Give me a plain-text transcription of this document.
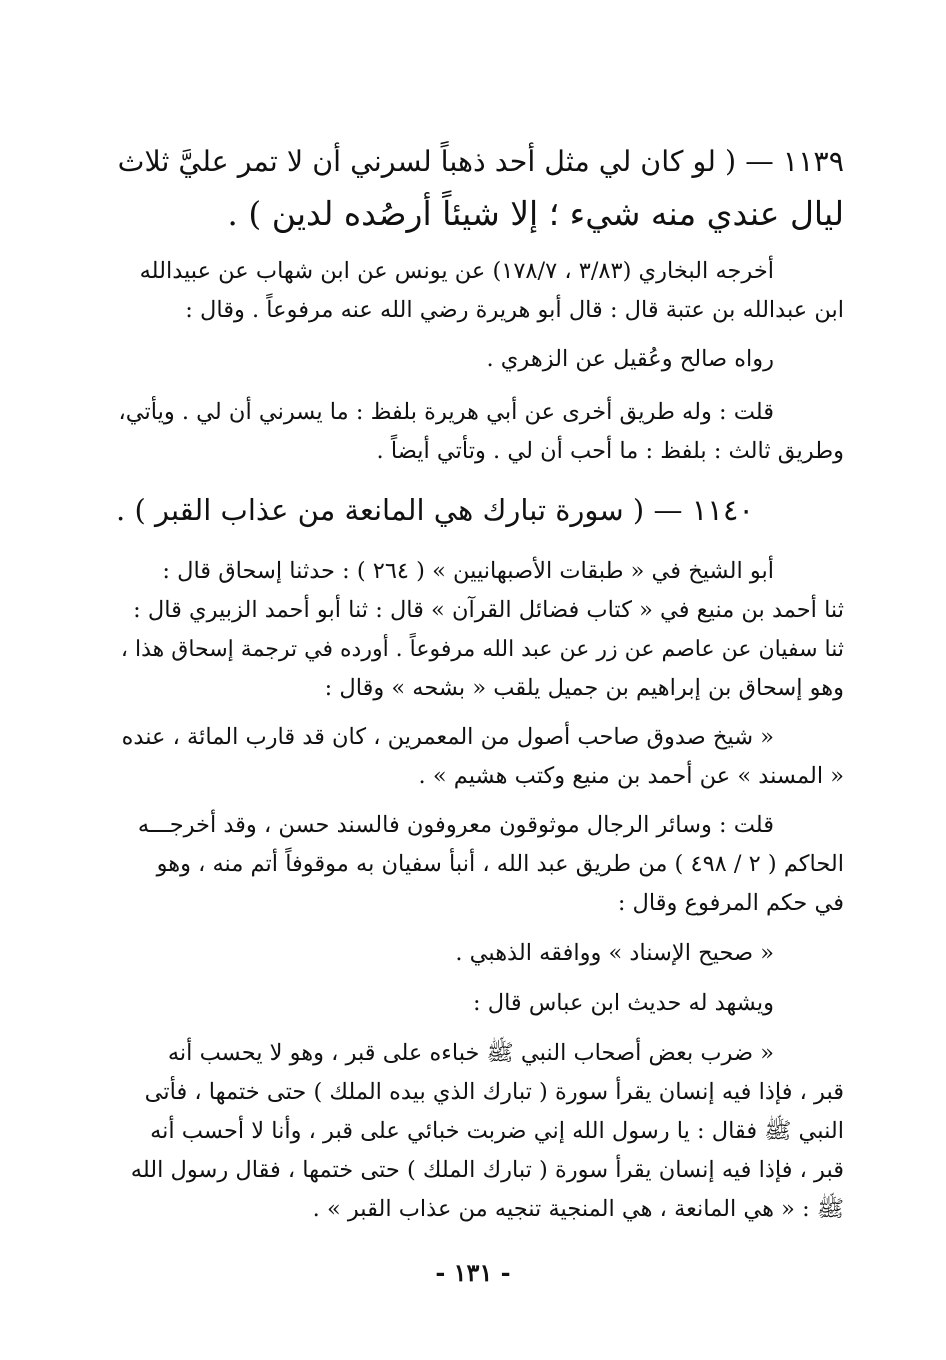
١١٣٩ — ( لو كان لي مثل أحد ذهباً لسرني أن لا تمر عليَّ ثلاث
ليال عندي منه شيء ؛ إلا شيئاً أرصُده لدين ) .
أخرجه البخاري (٣/٨٣ ، ١٧٨/٧) عن يونس عن ابن شهاب عن عبيدالله
ابن عبدالله بن عتبة قال : قال أبو هريرة رضي الله عنه مرفوعاً . وقال :
رواه صالح وعُقيل عن الزهري .
قلت : وله طريق أخرى عن أبي هريرة بلفظ : ما يسرني أن لي . ويأتي،
وطريق ثالث : بلفظ : ما أحب أن لي . وتأتي أيضاً .
١١٤٠ — ( سورة تبارك هي المانعة من عذاب القبر ) .
أبو الشيخ في « طبقات الأصبهانيين » ( ٢٦٤ ) : حدثنا إسحاق قال :
ثنا أحمد بن منيع في « كتاب فضائل القرآن » قال : ثنا أبو أحمد الزبيري قال :
ثنا سفيان عن عاصم عن زر عن عبد الله مرفوعاً . أورده في ترجمة إسحاق هذا ،
وهو إسحاق بن إبراهيم بن جميل يلقب « بشحه » وقال :
« شيخ صدوق صاحب أصول من المعمرين ، كان قد قارب المائة ، عنده
« المسند » عن أحمد بن منيع وكتب هشيم » .
قلت : وسائر الرجال موثوقون معروفون فالسند حسن ، وقد أخرجـــه
الحاكم ( ٢ / ٤٩٨ ) من طريق عبد الله ، أنبأ سفيان به موقوفاً أتم منه ، وهو
في حكم المرفوع وقال :
« صحيح الإسناد » ووافقه الذهبي .
ويشهد له حديث ابن عباس قال :
« ضرب بعض أصحاب النبي ﷺ خباءه على قبر ، وهو لا يحسب أنه
قبر ، فإذا فيه إنسان يقرأ سورة ( تبارك الذي بيده الملك ) حتى ختمها ، فأتى
النبي ﷺ فقال : يا رسول الله إني ضربت خبائي على قبر ، وأنا لا أحسب أنه
قبر ، فإذا فيه إنسان يقرأ سورة ( تبارك الملك ) حتى ختمها ، فقال رسول الله
ﷺ : « هي المانعة ، هي المنجية تنجيه من عذاب القبر » .
- ١٣١ -
